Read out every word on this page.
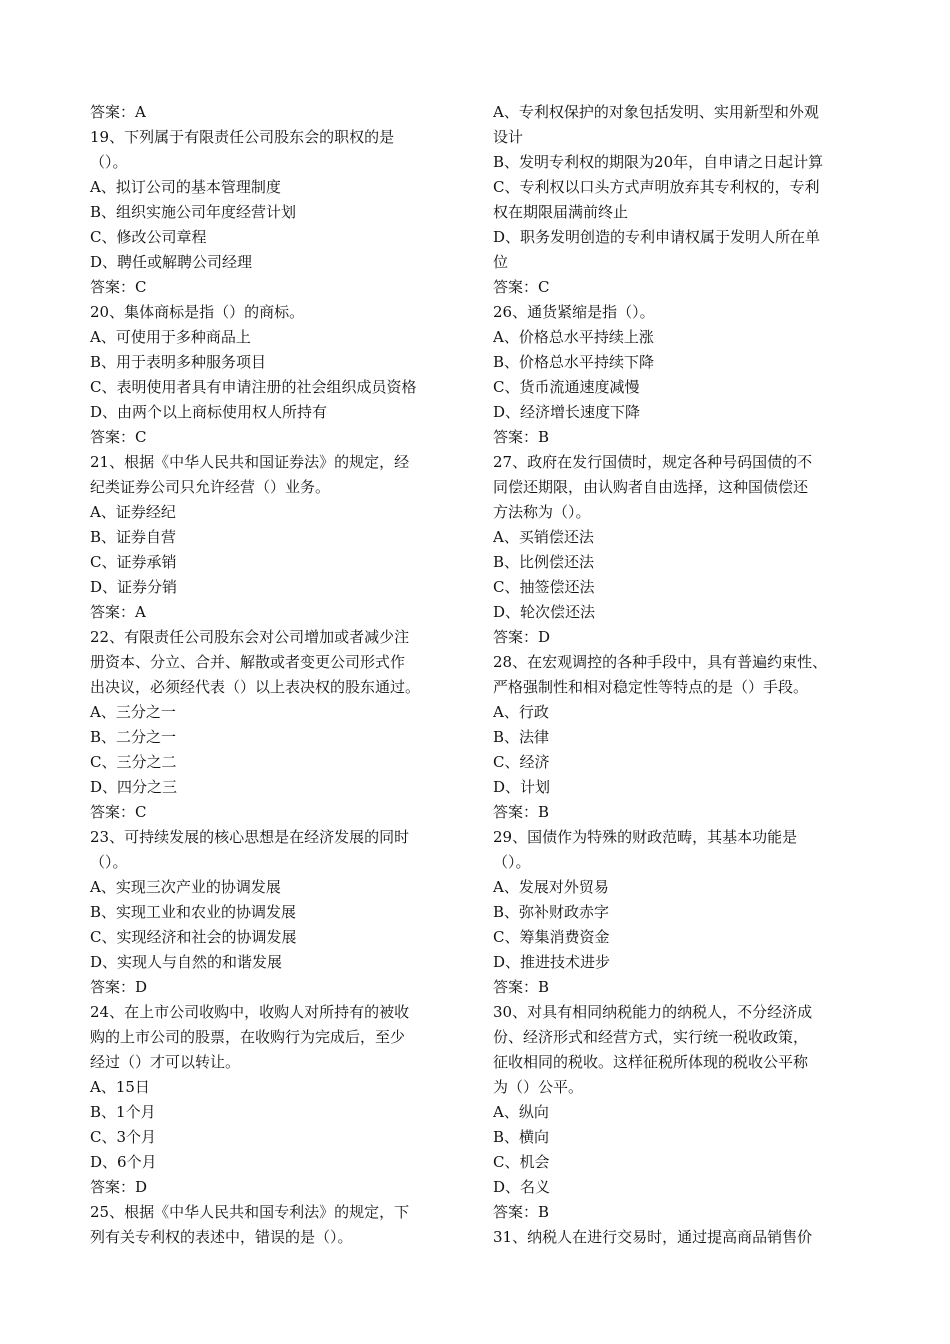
答案：A
19、下列属于有限责任公司股东会的职权的是
（）。
A、拟订公司的基本管理制度
B、组织实施公司年度经营计划
C、修改公司章程
D、聘任或解聘公司经理
答案：C
20、集体商标是指（）的商标。
A、可使用于多种商品上
B、用于表明多种服务项目
C、表明使用者具有申请注册的社会组织成员资格
D、由两个以上商标使用权人所持有
答案：C
21、根据《中华人民共和国证券法》的规定，经
纪类证券公司只允许经营（）业务。
A、证券经纪
B、证券自营
C、证券承销
D、证券分销
答案：A
22、有限责任公司股东会对公司增加或者减少注
册资本、分立、合并、解散或者变更公司形式作
出决议，必须经代表（）以上表决权的股东通过。
A、三分之一
B、二分之一
C、三分之二
D、四分之三
答案：C
23、可持续发展的核心思想是在经济发展的同时
（）。
A、实现三次产业的协调发展
B、实现工业和农业的协调发展
C、实现经济和社会的协调发展
D、实现人与自然的和谐发展
答案：D
24、在上市公司收购中，收购人对所持有的被收
购的上市公司的股票，在收购行为完成后，至少
经过（）才可以转让。
A、15日
B、1个月
C、3个月
D、6个月
答案：D
25、根据《中华人民共和国专利法》的规定，下
列有关专利权的表述中，错误的是（）。
A、专利权保护的对象包括发明、实用新型和外观
设计
B、发明专利权的期限为20年，自申请之日起计算
C、专利权以口头方式声明放弃其专利权的，专利
权在期限届满前终止
D、职务发明创造的专利申请权属于发明人所在单
位
答案：C
26、通货紧缩是指（）。
A、价格总水平持续上涨
B、价格总水平持续下降
C、货币流通速度减慢
D、经济增长速度下降
答案：B
27、政府在发行国债时，规定各种号码国债的不
同偿还期限，由认购者自由选择，这种国债偿还
方法称为（）。
A、买销偿还法
B、比例偿还法
C、抽签偿还法
D、轮次偿还法
答案：D
28、在宏观调控的各种手段中，具有普遍约束性、
严格强制性和相对稳定性等特点的是（）手段。
A、行政
B、法律
C、经济
D、计划
答案：B
29、国债作为特殊的财政范畴，其基本功能是
（）。
A、发展对外贸易
B、弥补财政赤字
C、筹集消费资金
D、推进技术进步
答案：B
30、对具有相同纳税能力的纳税人，不分经济成
份、经济形式和经营方式，实行统一税收政策，
征收相同的税收。这样征税所体现的税收公平称
为（）公平。
A、纵向
B、横向
C、机会
D、名义
答案：B
31、纳税人在进行交易时，通过提高商品销售价
